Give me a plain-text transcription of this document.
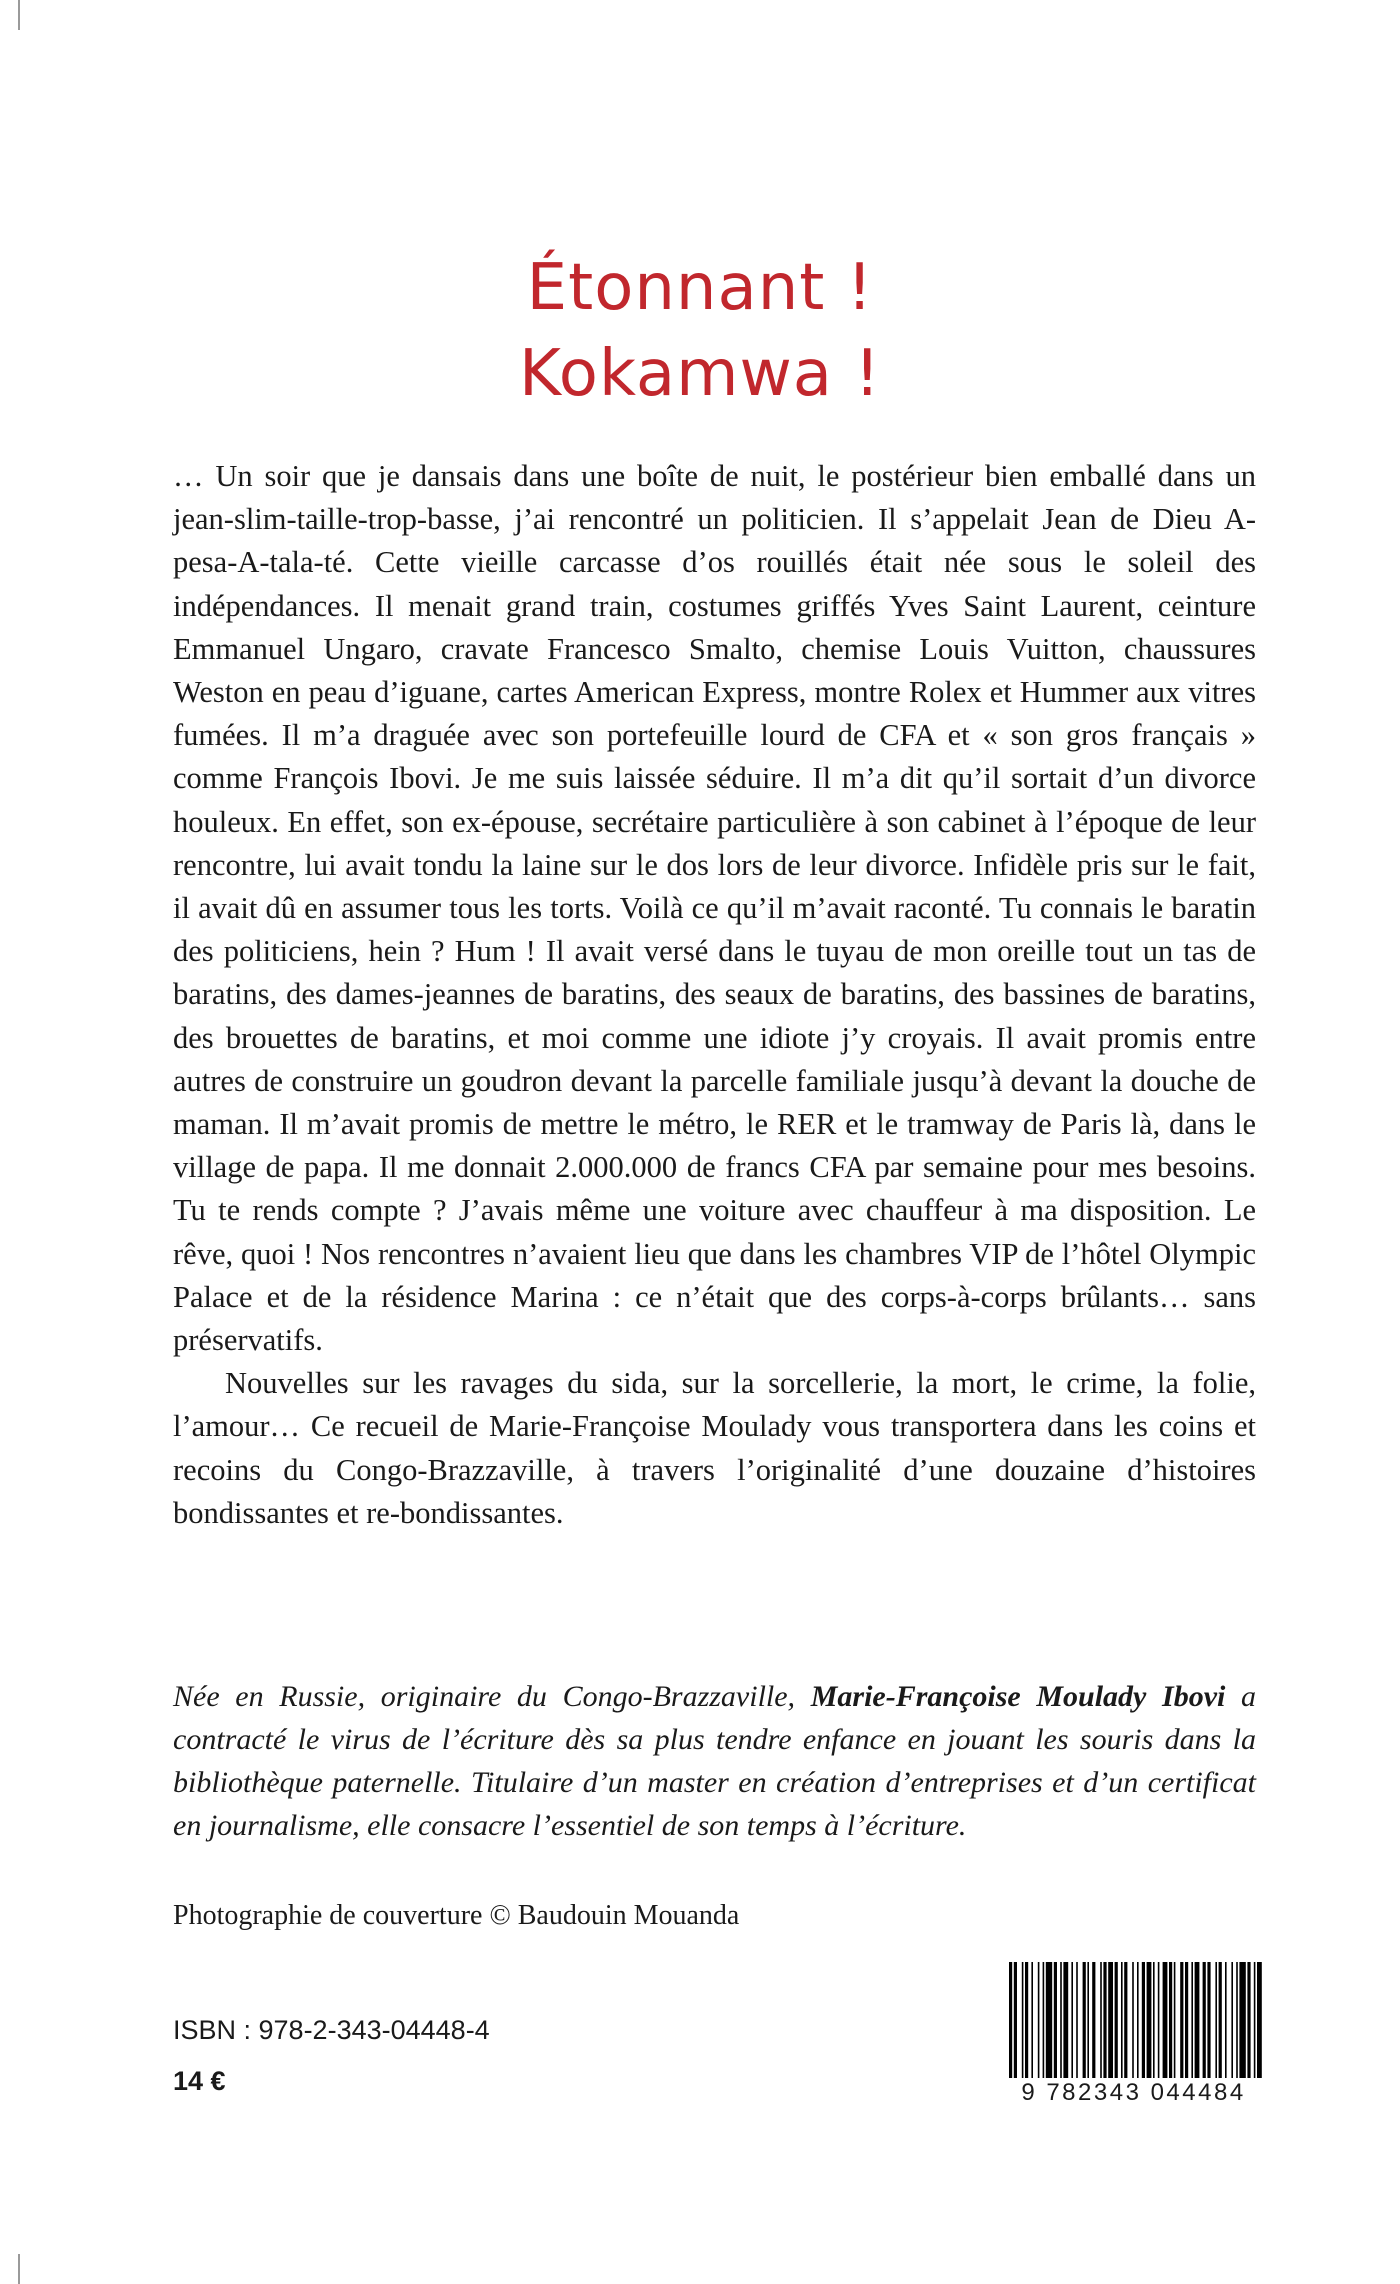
Étonnant !
Kokamwa !

… Un soir que je dansais dans une boîte de nuit, le postérieur bien emballé dans un jean-slim-taille-trop-basse, j’ai rencontré un politicien. Il s’appelait Jean de Dieu A-pesa-A-tala-té. Cette vieille carcasse d’os rouillés était née sous le soleil des indépendances. Il menait grand train, costumes griffés Yves Saint Laurent, ceinture Emmanuel Ungaro, cravate Francesco Smalto, chemise Louis Vuitton, chaussures Weston en peau d’iguane, cartes American Express, montre Rolex et Hummer aux vitres fumées. Il m’a draguée avec son portefeuille lourd de CFA et « son gros français » comme François Ibovi. Je me suis laissée séduire. Il m’a dit qu’il sortait d’un divorce houleux. En effet, son ex-épouse, secrétaire particulière à son cabinet à l’époque de leur rencontre, lui avait tondu la laine sur le dos lors de leur divorce. Infidèle pris sur le fait, il avait dû en assumer tous les torts. Voilà ce qu’il m’avait raconté. Tu connais le baratin des politiciens, hein ? Hum ! Il avait versé dans le tuyau de mon oreille tout un tas de baratins, des dames-jeannes de baratins, des seaux de baratins, des bassines de baratins, des brouettes de baratins, et moi comme une idiote j’y croyais. Il avait promis entre autres de construire un goudron devant la parcelle familiale jusqu’à devant la douche de maman. Il m’avait promis de mettre le métro, le RER et le tramway de Paris là, dans le village de papa. Il me donnait 2.000.000 de francs CFA par semaine pour mes besoins. Tu te rends compte ? J’avais même une voiture avec chauffeur à ma disposition. Le rêve, quoi ! Nos rencontres n’avaient lieu que dans les chambres VIP de l’hôtel Olympic Palace et de la résidence Marina : ce n’était que des corps-à-corps brûlants… sans préservatifs.

Nouvelles sur les ravages du sida, sur la sorcellerie, la mort, le crime, la folie, l’amour… Ce recueil de Marie-Françoise Moulady vous transportera dans les coins et recoins du Congo-Brazzaville, à travers l’originalité d’une douzaine d’histoires bondissantes et re-bondissantes.

Née en Russie, originaire du Congo-Brazzaville, Marie-Françoise Moulady Ibovi a contracté le virus de l’écriture dès sa plus tendre enfance en jouant les souris dans la bibliothèque paternelle. Titulaire d’un master en création d’entreprises et d’un certificat en journalisme, elle consacre l’essentiel de son temps à l’écriture.
Photographie de couverture © Baudouin Mouanda
ISBN : 978-2-343-04448-4
14 €	9 782343 044484
